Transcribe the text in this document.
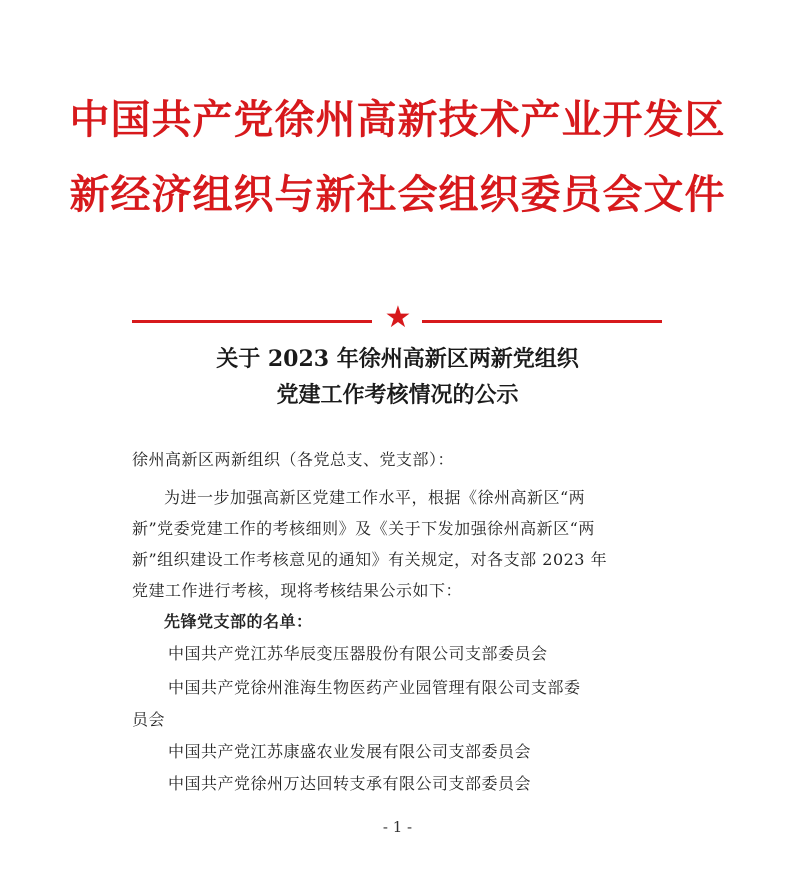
中国共产党徐州高新技术产业开发区
新经济组织与新社会组织委员会文件
★
关于 2023 年徐州高新区两新党组织
党建工作考核情况的公示
徐州高新区两新组织（各党总支、党支部）：
为进一步加强高新区党建工作水平，根据《徐州高新区“两
新”党委党建工作的考核细则》及《关于下发加强徐州高新区“两
新”组织建设工作考核意见的通知》有关规定，对各支部 2023 年
党建工作进行考核，现将考核结果公示如下：
先锋党支部的名单：
中国共产党江苏华辰变压器股份有限公司支部委员会
中国共产党徐州淮海生物医药产业园管理有限公司支部委
员会
中国共产党江苏康盛农业发展有限公司支部委员会
中国共产党徐州万达回转支承有限公司支部委员会
- 1 -
